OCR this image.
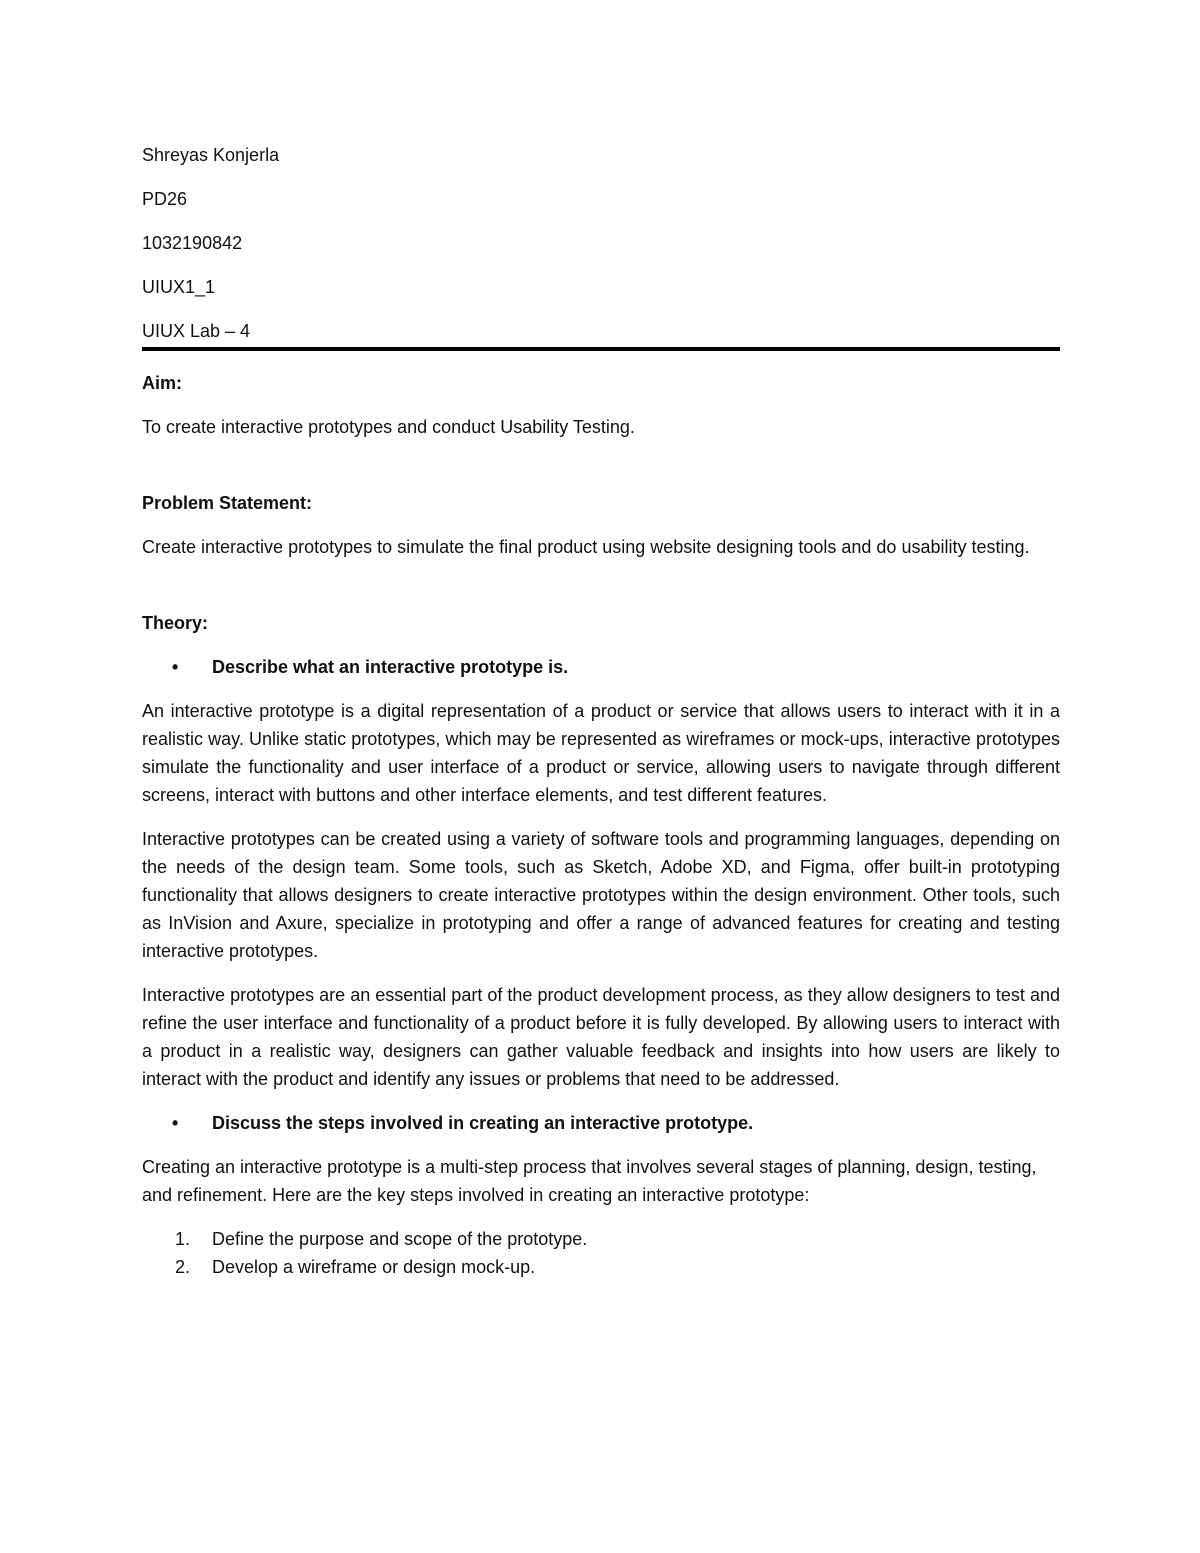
Shreyas Konjerla
PD26
1032190842
UIUX1_1
UIUX Lab – 4
Aim:
To create interactive prototypes and conduct Usability Testing.
Problem Statement:
Create interactive prototypes to simulate the final product using website designing tools and do usability testing.
Theory:
•	Describe what an interactive prototype is.
An interactive prototype is a digital representation of a product or service that allows users to interact with it in a realistic way. Unlike static prototypes, which may be represented as wireframes or mock-ups, interactive prototypes simulate the functionality and user interface of a product or service, allowing users to navigate through different screens, interact with buttons and other interface elements, and test different features.
Interactive prototypes can be created using a variety of software tools and programming languages, depending on the needs of the design team. Some tools, such as Sketch, Adobe XD, and Figma, offer built-in prototyping functionality that allows designers to create interactive prototypes within the design environment. Other tools, such as InVision and Axure, specialize in prototyping and offer a range of advanced features for creating and testing interactive prototypes.
Interactive prototypes are an essential part of the product development process, as they allow designers to test and refine the user interface and functionality of a product before it is fully developed. By allowing users to interact with a product in a realistic way, designers can gather valuable feedback and insights into how users are likely to interact with the product and identify any issues or problems that need to be addressed.
•	Discuss the steps involved in creating an interactive prototype.
Creating an interactive prototype is a multi-step process that involves several stages of planning, design, testing, and refinement. Here are the key steps involved in creating an interactive prototype:
1.	Define the purpose and scope of the prototype.
2.	Develop a wireframe or design mock-up.
